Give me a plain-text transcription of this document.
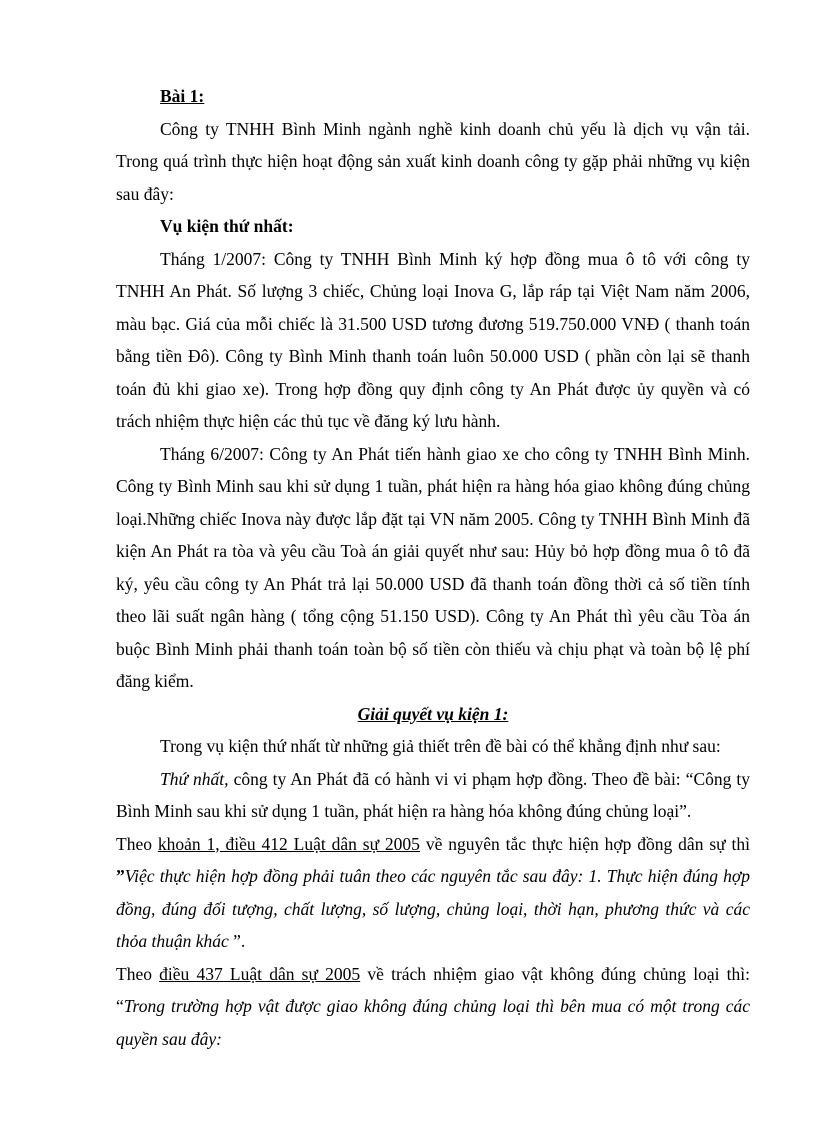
Bài 1:

Công ty TNHH Bình Minh ngành nghề kinh doanh chủ yếu là dịch vụ vận tải.

Trong quá trình thực hiện hoạt động sản xuất kinh doanh công ty gặp phải những vụ kiện

sau đây:

Vụ kiện thứ nhất:

Tháng 1/2007: Công ty TNHH Bình Minh ký hợp đồng mua ô tô với công ty

TNHH An Phát. Số lượng 3 chiếc, Chủng loại Inova G, lắp ráp tại Việt Nam năm 2006,

màu bạc. Giá của mỗi chiếc là 31.500 USD tương đương 519.750.000 VNĐ ( thanh toán

bằng tiền Đô). Công ty Bình Minh thanh toán luôn 50.000 USD ( phần còn lại sẽ thanh

toán đủ khi giao xe). Trong hợp đồng quy định công ty An Phát được ủy quyền và có

trách nhiệm thực hiện các thủ tục về đăng ký lưu hành.

Tháng 6/2007: Công ty An Phát tiến hành giao xe cho công ty TNHH Bình Minh.

Công ty Bình Minh sau khi sử dụng 1 tuần, phát hiện ra hàng hóa giao không đúng chủng

loại.Những chiếc Inova này được lắp đặt tại VN năm 2005. Công ty TNHH Bình Minh đã

kiện An Phát ra tòa và yêu cầu Toà án giải quyết như sau: Hủy bỏ hợp đồng mua ô tô đã

ký, yêu cầu công ty An Phát trả lại 50.000 USD đã thanh toán đồng thời cả số tiền tính

theo lãi suất ngân hàng ( tổng cộng 51.150 USD). Công ty An Phát thì yêu cầu Tòa án

buộc Bình Minh phải thanh toán toàn bộ số tiền còn thiếu và chịu phạt và toàn bộ lệ phí

đăng kiểm.

Giải quyết vụ kiện 1:

Trong vụ kiện thứ nhất từ những giả thiết trên đề bài có thể khẳng định như sau:

Thứ nhất, công ty An Phát đã có hành vi vi phạm hợp đồng. Theo đề bài: “Công ty

Bình Minh sau khi sử dụng 1 tuần, phát hiện ra hàng hóa không đúng chủng loại”.

Theo khoản 1, điều 412 Luật dân sự 2005 về nguyên tắc thực hiện hợp đồng dân sự thì

”Việc thực hiện hợp đồng phải tuân theo các nguyên tắc sau đây: 1. Thực hiện đúng hợp

đồng, đúng đối tượng, chất lượng, số lượng, chủng loại, thời hạn, phương thức và các

thỏa thuận khác ”.

Theo điều 437 Luật dân sự 2005 về trách nhiệm giao vật không đúng chủng loại thì:

“Trong trường hợp vật được giao không đúng chủng loại thì bên mua có một trong các

quyền sau đây:
